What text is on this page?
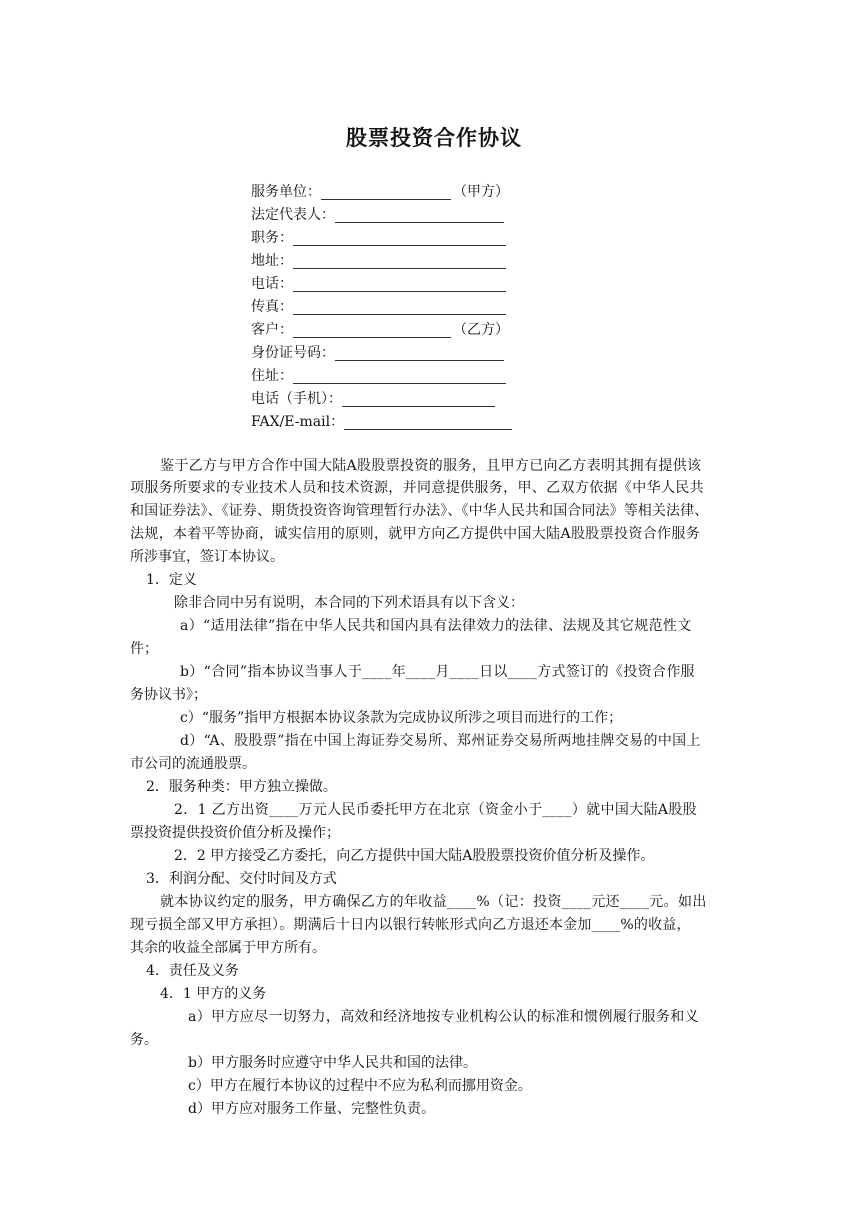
股票投资合作协议
服务单位：	（甲方）
法定代表人：
职务：
地址：
电话：
传真：
客户：	（乙方）
身份证号码：
住址：
电话（手机）：
FAX/E-mail：
鉴于乙方与甲方合作中国大陆A股股票投资的服务，且甲方已向乙方表明其拥有提供该
项服务所要求的专业技术人员和技术资源，并同意提供服务，甲、乙双方依据《中华人民共
和国证券法》、《证券、期货投资咨询管理暂行办法》、《中华人民共和国合同法》等相关法律、
法规，本着平等协商，诚实信用的原则，就甲方向乙方提供中国大陆A股股票投资合作服务
所涉事宜，签订本协议。
1．定义
除非合同中另有说明，本合同的下列术语具有以下含义：
a）“适用法律”指在中华人民共和国内具有法律效力的法律、法规及其它规范性文
件；
b）“合同”指本协议当事人于____年____月____日以____方式签订的《投资合作服
务协议书》；
c）“服务”指甲方根据本协议条款为完成协议所涉之项目而进行的工作；
d）“A、股股票”指在中国上海证券交易所、郑州证券交易所两地挂牌交易的中国上
市公司的流通股票。
2．服务种类：甲方独立操做。
2．1 乙方出资____万元人民币委托甲方在北京（资金小于____）就中国大陆A股股
票投资提供投资价值分析及操作；
2．2 甲方接受乙方委托，向乙方提供中国大陆A股股票投资价值分析及操作。
3．利润分配、交付时间及方式
就本协议约定的服务，甲方确保乙方的年收益____%（记：投资____元还____元。如出
现亏损全部又甲方承担）。期满后十日内以银行转帐形式向乙方退还本金加____%的收益，
其余的收益全部属于甲方所有。
4．责任及义务
4．1 甲方的义务
a）甲方应尽一切努力，高效和经济地按专业机构公认的标准和惯例履行服务和义
务。
b）甲方服务时应遵守中华人民共和国的法律。
c）甲方在履行本协议的过程中不应为私利而挪用资金。
d）甲方应对服务工作量、完整性负责。
